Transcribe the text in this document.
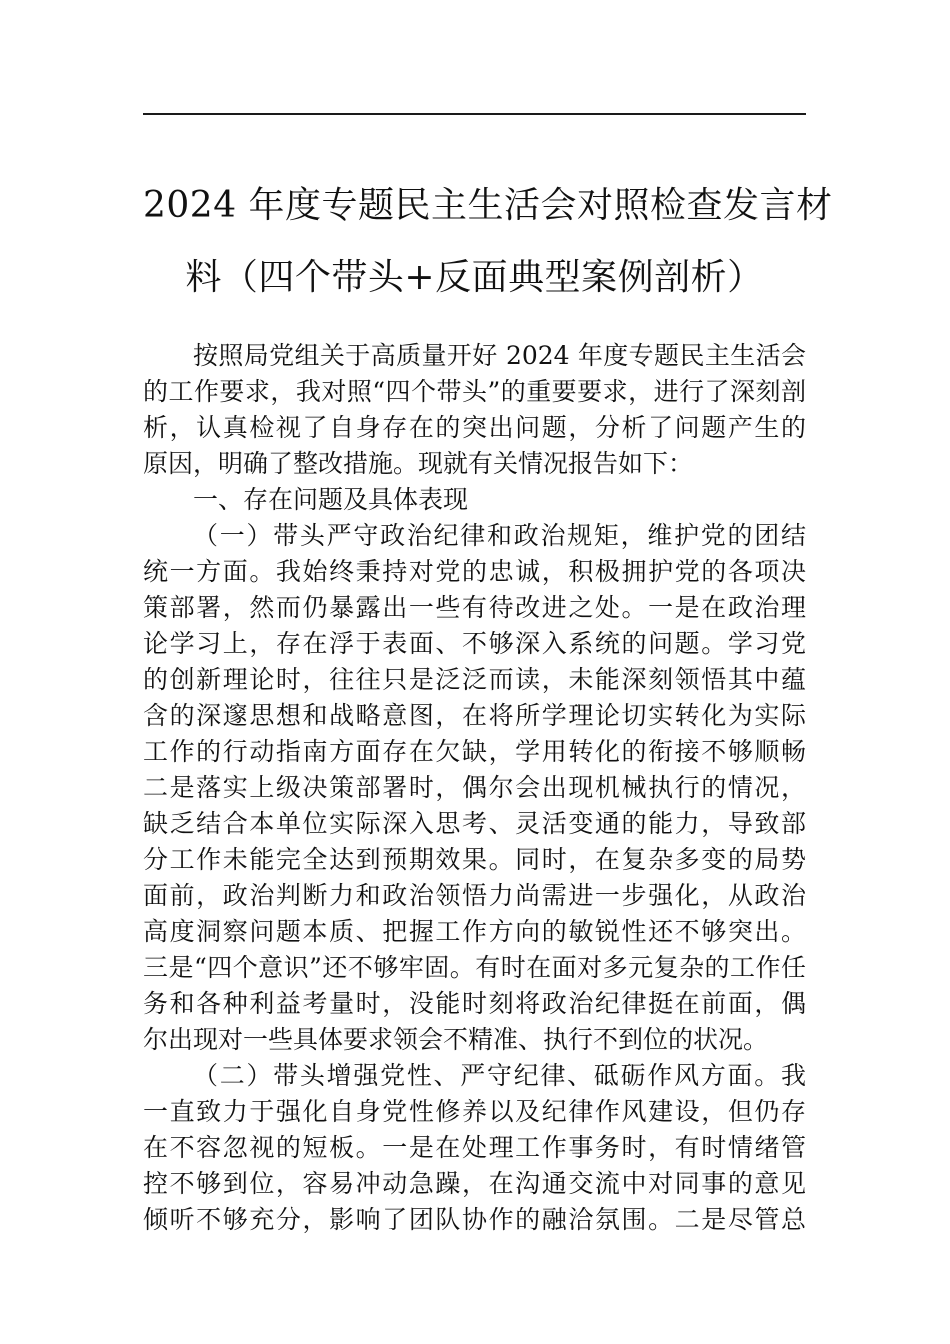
2024 年度专题民主生活会对照检查发言材
料（四个带头+反面典型案例剖析）
按照局党组关于高质量开好 2024 年度专题民主生活会
的工作要求，我对照“四个带头”的重要要求，进行了深刻剖
析，认真检视了自身存在的突出问题，分析了问题产生的
原因，明确了整改措施。现就有关情况报告如下：
一、存在问题及具体表现
（一）带头严守政治纪律和政治规矩，维护党的团结
统一方面。我始终秉持对党的忠诚，积极拥护党的各项决
策部署，然而仍暴露出一些有待改进之处。一是在政治理
论学习上，存在浮于表面、不够深入系统的问题。学习党
的创新理论时，往往只是泛泛而读，未能深刻领悟其中蕴
含的深邃思想和战略意图，在将所学理论切实转化为实际
工作的行动指南方面存在欠缺，学用转化的衔接不够顺畅
二是落实上级决策部署时，偶尔会出现机械执行的情况，
缺乏结合本单位实际深入思考、灵活变通的能力，导致部
分工作未能完全达到预期效果。同时，在复杂多变的局势
面前，政治判断力和政治领悟力尚需进一步强化，从政治
高度洞察问题本质、把握工作方向的敏锐性还不够突出。
三是“四个意识”还不够牢固。有时在面对多元复杂的工作任
务和各种利益考量时，没能时刻将政治纪律挺在前面，偶
尔出现对一些具体要求领会不精准、执行不到位的状况。
（二）带头增强党性、严守纪律、砥砺作风方面。我
一直致力于强化自身党性修养以及纪律作风建设，但仍存
在不容忽视的短板。一是在处理工作事务时，有时情绪管
控不够到位，容易冲动急躁，在沟通交流中对同事的意见
倾听不够充分，影响了团队协作的融洽氛围。二是尽管总
